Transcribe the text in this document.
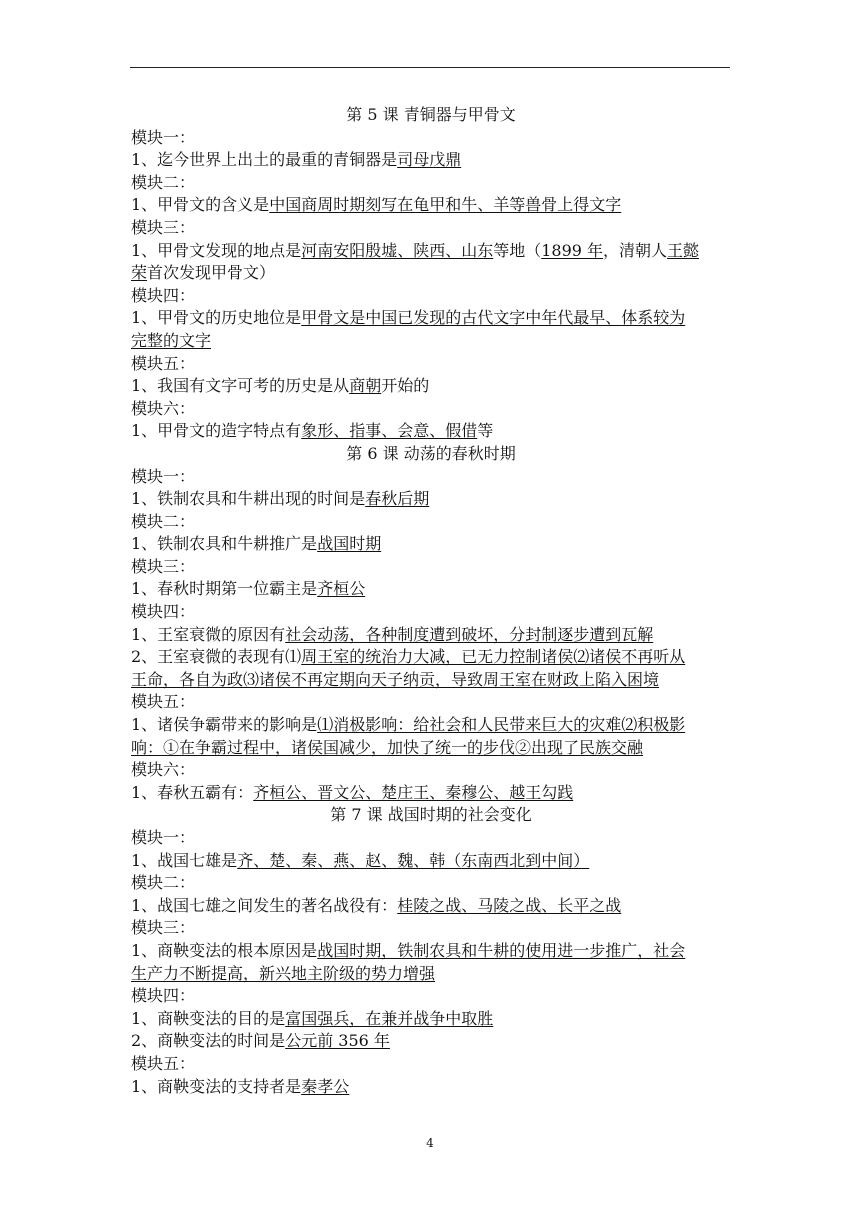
第 5 课 青铜器与甲骨文
模块一：
1、迄今世界上出土的最重的青铜器是司母戊鼎
模块二：
1、甲骨文的含义是中国商周时期刻写在龟甲和牛、羊等兽骨上得文字
模块三：
1、甲骨文发现的地点是河南安阳殷墟、陕西、山东等地（1899 年，清朝人王懿
荣首次发现甲骨文）
模块四：
1、甲骨文的历史地位是甲骨文是中国已发现的古代文字中年代最早、体系较为
完整的文字
模块五：
1、我国有文字可考的历史是从商朝开始的
模块六：
1、甲骨文的造字特点有象形、指事、会意、假借等
第 6 课 动荡的春秋时期
模块一：
1、铁制农具和牛耕出现的时间是春秋后期
模块二：
1、铁制农具和牛耕推广是战国时期
模块三：
1、春秋时期第一位霸主是齐桓公
模块四：
1、王室衰微的原因有社会动荡，各种制度遭到破坏，分封制逐步遭到瓦解
2、王室衰微的表现有⑴周王室的统治力大减，已无力控制诸侯⑵诸侯不再听从
王命，各自为政⑶诸侯不再定期向天子纳贡，导致周王室在财政上陷入困境
模块五：
1、诸侯争霸带来的影响是⑴消极影响：给社会和人民带来巨大的灾难⑵积极影
响：①在争霸过程中，诸侯国减少，加快了统一的步伐②出现了民族交融
模块六：
1、春秋五霸有：齐桓公、晋文公、楚庄王、秦穆公、越王勾践
第 7 课 战国时期的社会变化
模块一：
1、战国七雄是齐、楚、秦、燕、赵、魏、韩（东南西北到中间）
模块二：
1、战国七雄之间发生的著名战役有：桂陵之战、马陵之战、长平之战
模块三：
1、商鞅变法的根本原因是战国时期，铁制农具和牛耕的使用进一步推广，社会
生产力不断提高，新兴地主阶级的势力增强
模块四：
1、商鞅变法的目的是富国强兵，在兼并战争中取胜
2、商鞅变法的时间是公元前 356 年
模块五：
1、商鞅变法的支持者是秦孝公
4
